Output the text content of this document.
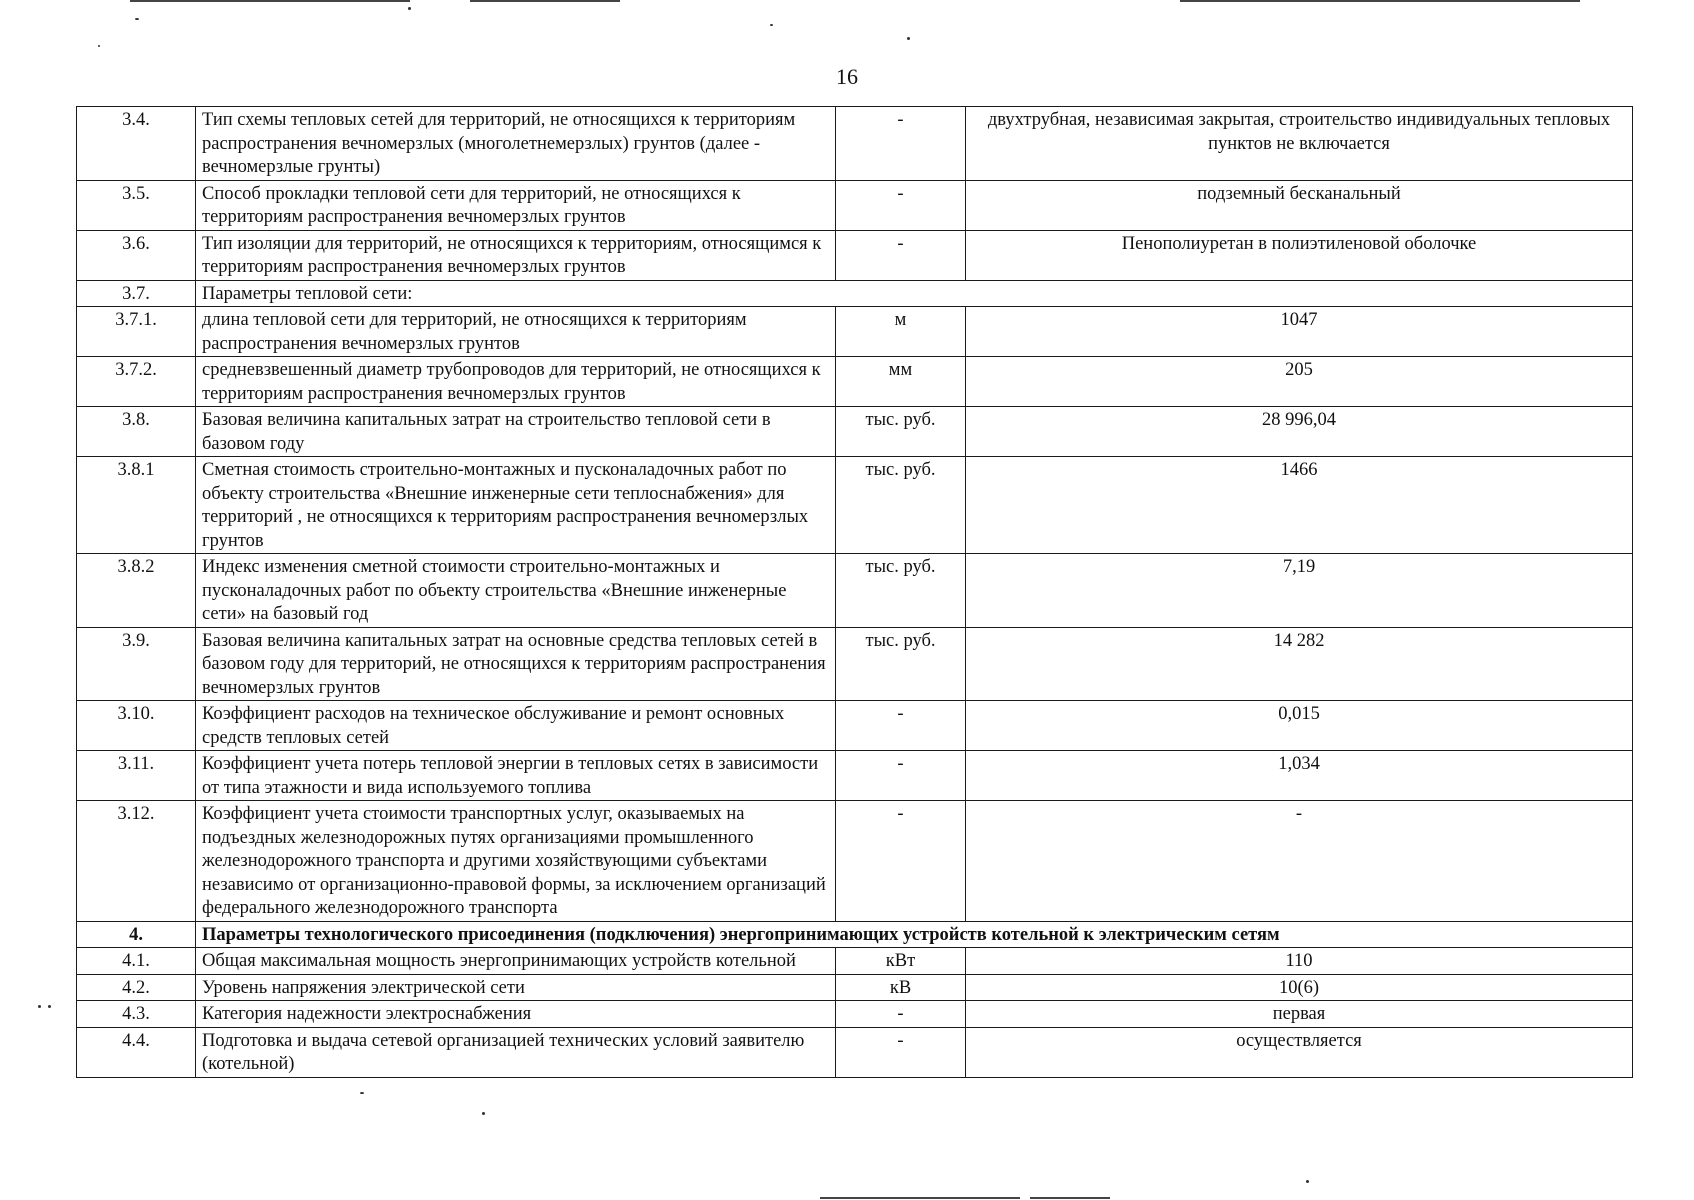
16
3.4.	Тип схемы тепловых сетей для территорий, не относящихся к территориям распространения вечномерзлых (многолетнемерзлых) грунтов (далее - вечномерзлые грунты)	-	двухтрубная, независимая закрытая, строительство индивидуальных тепловых пунктов не включается
3.5.	Способ прокладки тепловой сети для территорий, не относящихся к территориям распространения вечномерзлых грунтов	-	подземный бесканальный
3.6.	Тип изоляции для территорий, не относящихся к территориям, относящимся к территориям распространения вечномерзлых грунтов	-	Пенополиуретан в полиэтиленовой оболочке
3.7.	Параметры тепловой сети:		
3.7.1.	длина тепловой сети для территорий, не относящихся к территориям распространения вечномерзлых грунтов	м	1047
3.7.2.	средневзвешенный диаметр трубопроводов для территорий, не относящихся к территориям распространения вечномерзлых грунтов	мм	205
3.8.	Базовая величина капитальных затрат на строительство тепловой сети в базовом году	тыс. руб.	28 996,04
3.8.1	Сметная стоимость строительно-монтажных и пусконаладочных работ по объекту строительства «Внешние инженерные сети теплоснабжения» для территорий , не относящихся к территориям распространения вечномерзлых грунтов	тыс. руб.	1466
3.8.2	Индекс изменения сметной стоимости строительно-монтажных и пусконаладочных работ по объекту строительства «Внешние инженерные сети» на базовый год	тыс. руб.	7,19
3.9.	Базовая величина капитальных затрат на основные средства тепловых сетей в базовом году для территорий, не относящихся к территориям распространения вечномерзлых грунтов	тыс. руб.	14 282
3.10.	Коэффициент расходов на техническое обслуживание и ремонт основных средств тепловых сетей	-	0,015
3.11.	Коэффициент учета потерь тепловой энергии в тепловых сетях в зависимости от типа этажности и вида используемого топлива	-	1,034
3.12.	Коэффициент учета стоимости транспортных услуг, оказываемых на подъездных железнодорожных путях организациями промышленного железнодорожного транспорта и другими хозяйствующими субъектами независимо от организационно-правовой формы, за исключением организаций федерального железнодорожного транспорта	-	-
4.	Параметры технологического присоединения (подключения) энергопринимающих устройств котельной к электрическим сетям		
4.1.	Общая максимальная мощность энергопринимающих устройств котельной	кВт	110
4.2.	Уровень напряжения электрической сети	кВ	10(6)
4.3.	Категория надежности электроснабжения	-	первая
4.4.	Подготовка и выдача сетевой организацией технических условий заявителю (котельной)	-	осуществляется
